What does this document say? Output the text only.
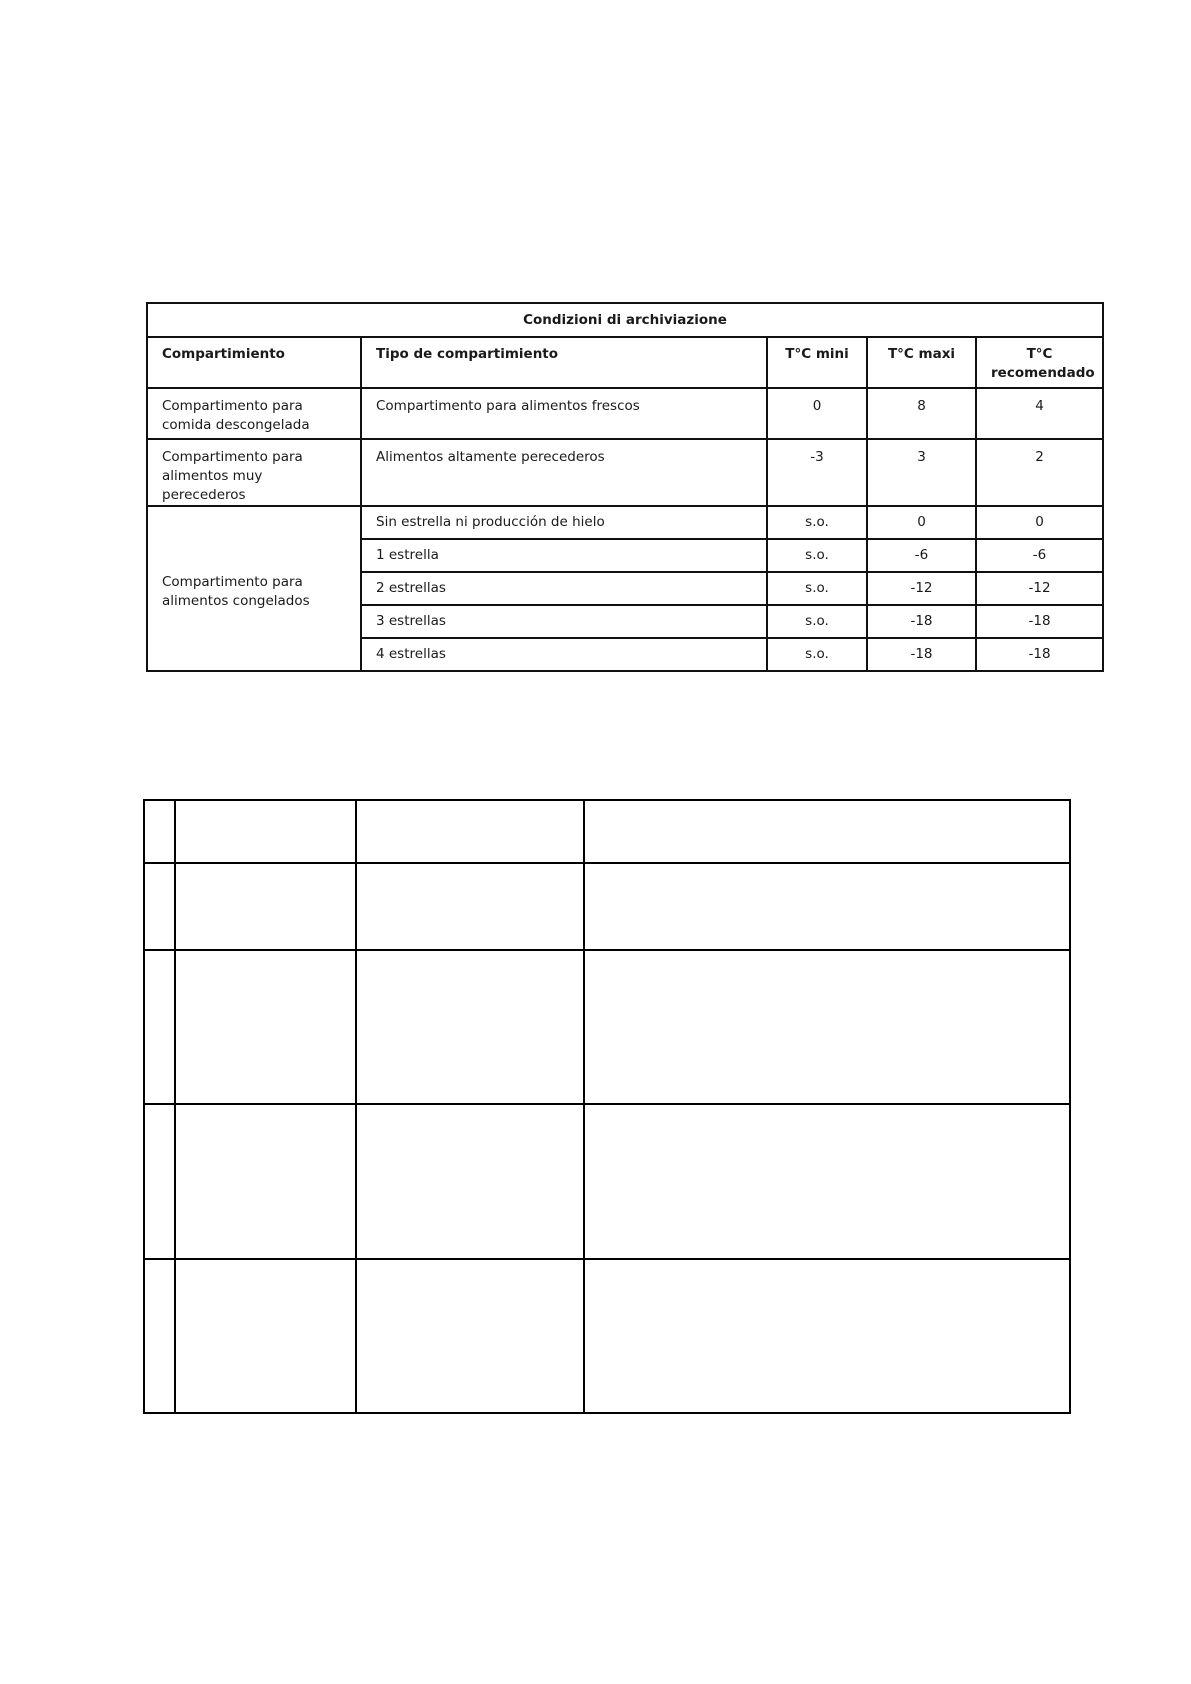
Condizioni di archiviazione				
Compartimiento	Tipo de compartimiento	T°C mini	T°C maxi	T°C recomendado
Compartimento para comida descongelada	Compartimento para alimentos frescos	0	8	4
Compartimento para alimentos muy perecederos	Alimentos altamente perecederos	-3	3	2
Compartimento para alimentos congelados	Sin estrella ni producción de hielo	s.o.	0	0
	1 estrella	s.o.	-6	-6
	2 estrellas	s.o.	-12	-12
	3 estrellas	s.o.	-18	-18
	4 estrellas	s.o.	-18	-18
